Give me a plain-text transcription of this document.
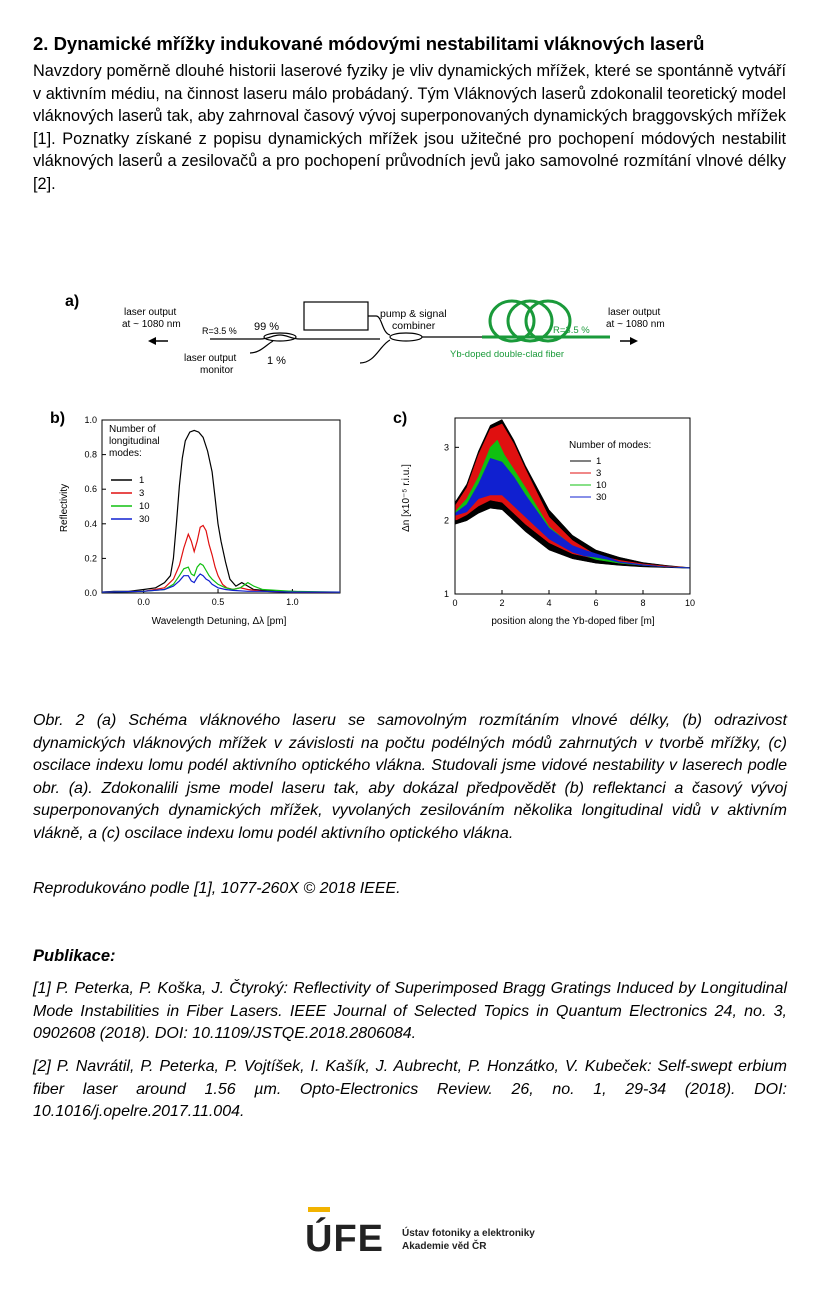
2. Dynamické mřížky indukované módovými nestabilitami vláknových laserů

Navzdory poměrně dlouhé historii laserové fyziky je vliv dynamických mřížek, které se spontánně vytváří v aktivním médiu, na činnost laseru málo probádaný. Tým Vláknových laserů zdokonalil teoretický model vláknových laserů tak, aby zahrnoval časový vývoj superponovaných dynamických braggovských mřížek [1]. Poznatky získané z popisu dynamických mřížek jsou užitečné pro pochopení módových nestabilit vláknových laserů a zesilovačů a pro pochopení průvodních jevů jako samovolné rozmítání vlnové délky [2].

a)
laser output
at ~ 1080 nm
R=3.5 % 99 %
1 %
laser output
monitor
pump & signal
combiner	R=3.5 %
Yb-doped double-clad fiber
laser output
at ~ 1080 nm
b)
Reflectivity
Wavelength Detuning, Δλ [pm]
Number of
longitudinal
modes:
0.0
0.2
0.4
0.6
0.8
1.0
0.0	0.5	1.0
1
3
10
30
c)
Δn [x10⁻⁵ r.i.u.]
position along the Yb-doped fiber [m]
Number of modes:
1
3
10
30
1
2
3
0	2	4	6	8	10

Obr. 2 (a) Schéma vláknového laseru se samovolným rozmítáním vlnové délky, (b) odrazivost dynamických vláknových mřížek v závislosti na počtu podélných módů zahrnutých v tvorbě mřížky, (c) oscilace indexu lomu podél aktivního optického vlákna. Studovali jsme vidové nestability v laserech podle obr. (a). Zdokonalili jsme model laseru tak, aby dokázal předpovědět (b) reflektanci a časový vývoj superponovaných dynamických mřížek, vyvolaných zesilováním několika longitudinal vidů v aktivním vlákně, a (c) oscilace indexu lomu podél aktivního optického vlákna.

Reprodukováno podle [1], 1077-260X © 2018 IEEE.

Publikace:

[1] P. Peterka, P. Koška, J. Čtyroký: Reflectivity of Superimposed Bragg Gratings Induced by Longitudinal Mode Instabilities in Fiber Lasers. IEEE Journal of Selected Topics in Quantum Electronics 24, no. 3, 0902608 (2018). DOI: 10.1109/JSTQE.2018.2806084.

[2] P. Navrátil, P. Peterka, P. Vojtíšek, I. Kašík, J. Aubrecht, P. Honzátko, V. Kubeček: Self-swept erbium fiber laser around 1.56 µm. Opto-Electronics Review. 26, no. 1, 29-34 (2018). DOI: 10.1016/j.opelre.2017.11.004.

ÚFE Ústav fotoniky a elektroniky
Akademie věd ČR
